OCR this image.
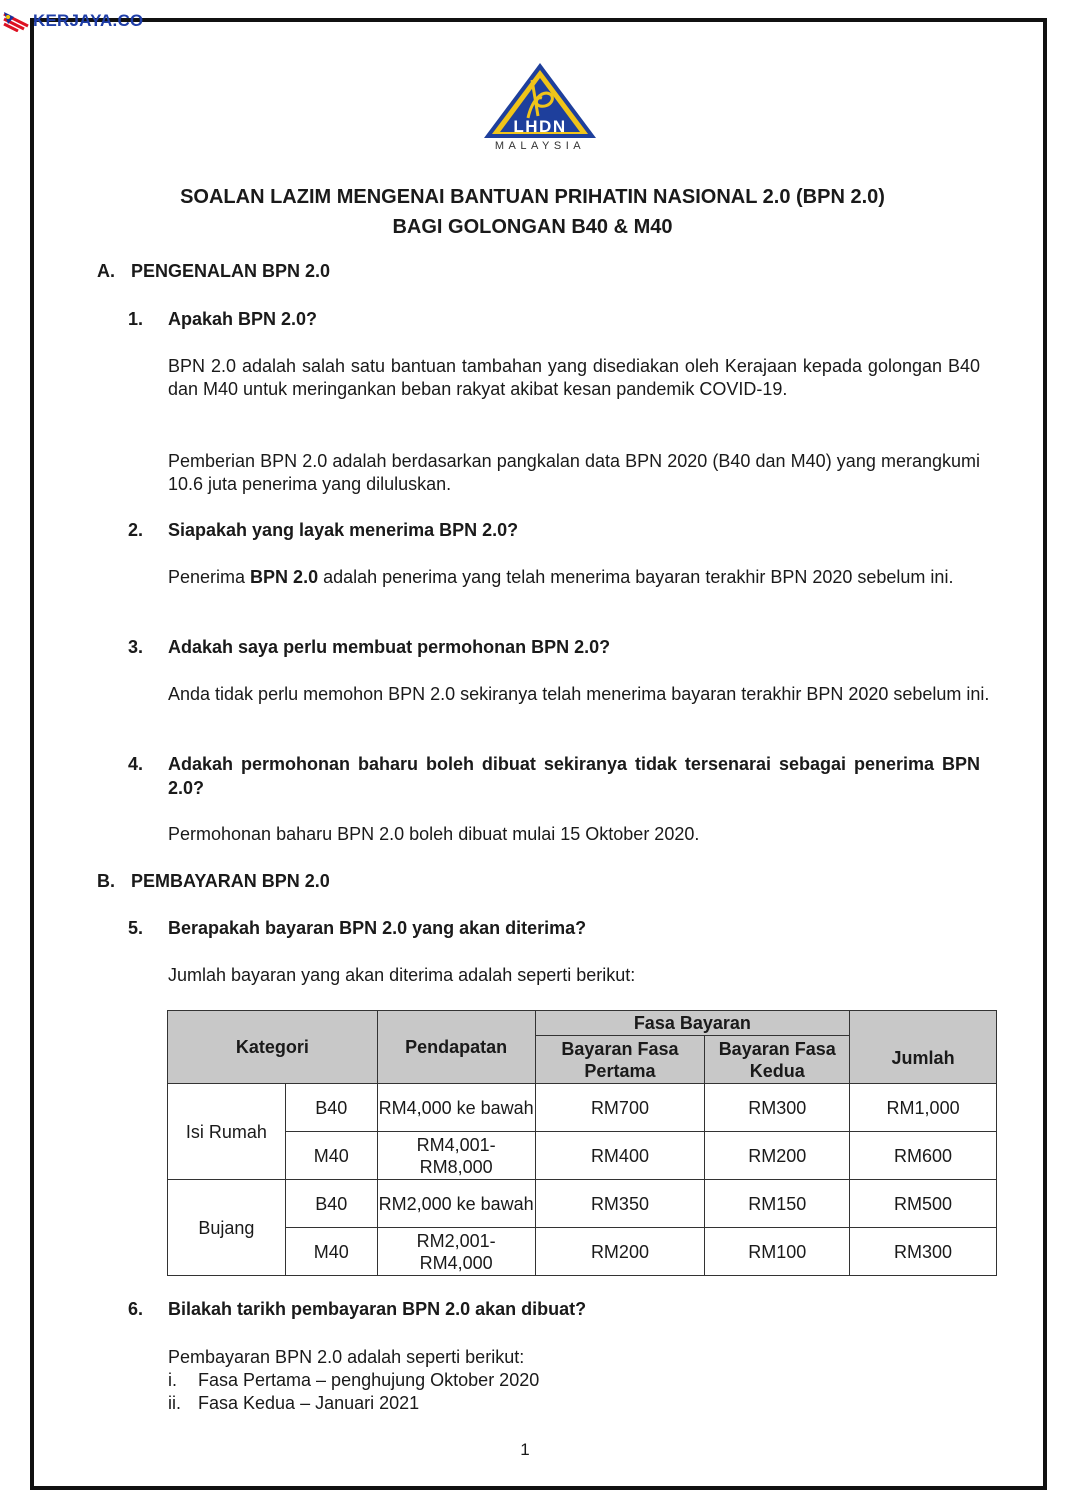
KERJAYA.CO
LHDN
MALAYSIA
SOALAN LAZIM MENGENAI BANTUAN PRIHATIN NASIONAL 2.0 (BPN 2.0)
BAGI GOLONGAN B40 & M40
A. PENGENALAN BPN 2.0
1. Apakah BPN 2.0?
BPN 2.0 adalah salah satu bantuan tambahan yang disediakan oleh Kerajaan kepada golongan B40 dan M40 untuk meringankan beban rakyat akibat kesan pandemik COVID-19.
Pemberian BPN 2.0 adalah berdasarkan pangkalan data BPN 2020 (B40 dan M40) yang merangkumi 10.6 juta penerima yang diluluskan.
2. Siapakah yang layak menerima BPN 2.0?
Penerima BPN 2.0 adalah penerima yang telah menerima bayaran terakhir BPN 2020 sebelum ini.
3. Adakah saya perlu membuat permohonan BPN 2.0?
Anda tidak perlu memohon BPN 2.0 sekiranya telah menerima bayaran terakhir BPN 2020 sebelum ini.
4. Adakah permohonan baharu boleh dibuat sekiranya tidak tersenarai sebagai penerima BPN 2.0?
Permohonan baharu BPN 2.0 boleh dibuat mulai 15 Oktober 2020.
B. PEMBAYARAN BPN 2.0
5. Berapakah bayaran BPN 2.0 yang akan diterima?
Jumlah bayaran yang akan diterima adalah seperti berikut:
Kategori		Pendapatan	Fasa Bayaran		Jumlah
			Bayaran Fasa Pertama	Bayaran Fasa Kedua	
Isi Rumah	B40	RM4,000 ke bawah	RM700	RM300	RM1,000
	M40	RM4,001-RM8,000	RM400	RM200	RM600
Bujang	B40	RM2,000 ke bawah	RM350	RM150	RM500
	M40	RM2,001-RM4,000	RM200	RM100	RM300
6. Bilakah tarikh pembayaran BPN 2.0 akan dibuat?
Pembayaran BPN 2.0 adalah seperti berikut:
i.	Fasa Pertama – penghujung Oktober 2020
ii. Fasa Kedua – Januari 2021
1
